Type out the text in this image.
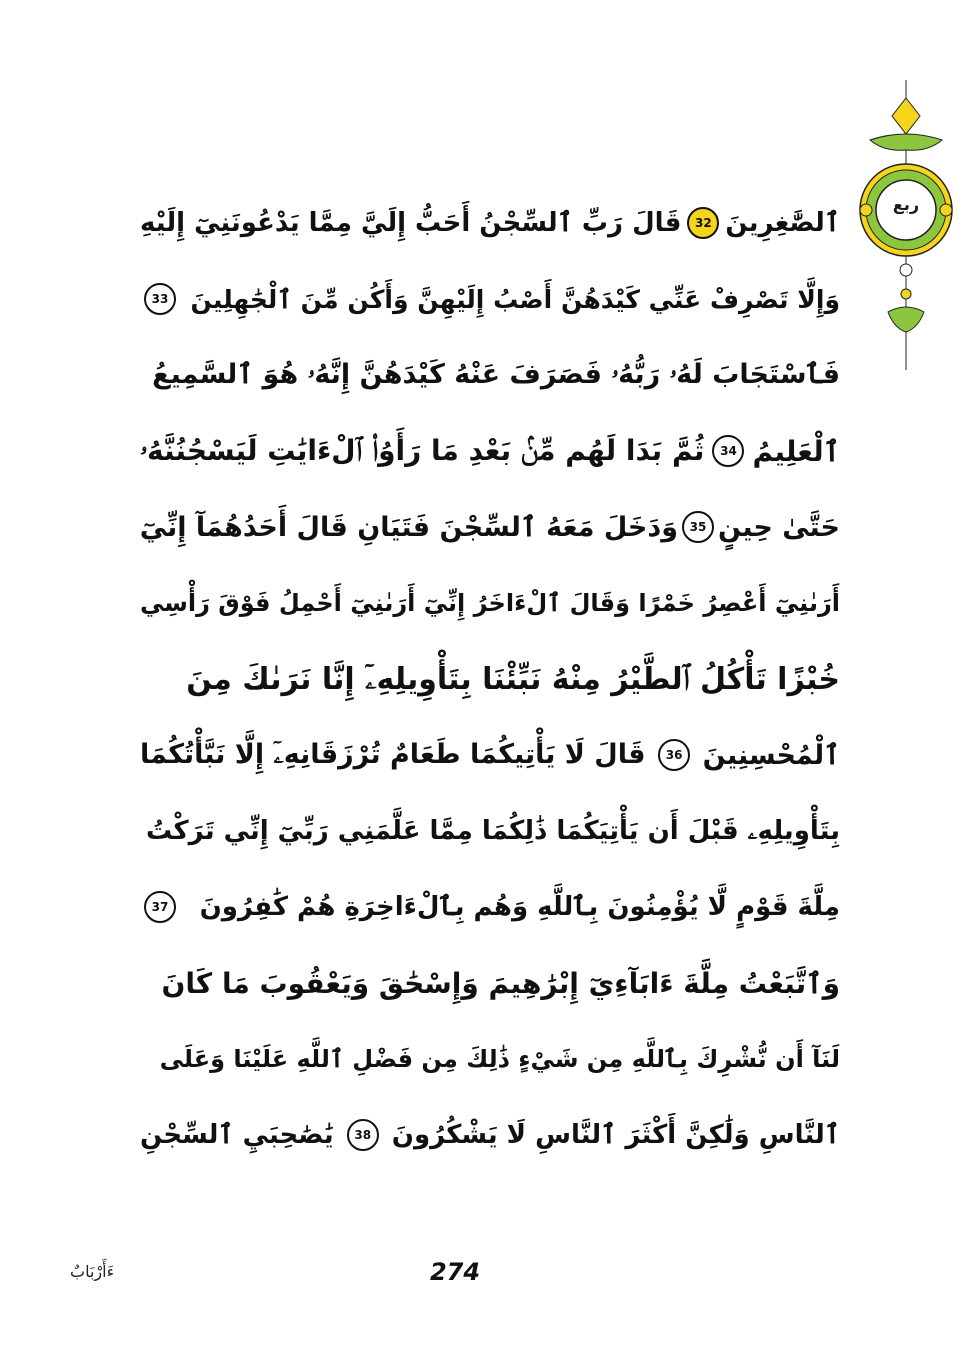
ربع
ٱلصَّٰغِرِينَ
32
قَالَ رَبِّ ٱلسِّجْنُ أَحَبُّ إِلَيَّ مِمَّا يَدْعُونَنِيٓ إِلَيْهِ
وَإِلَّا تَصْرِفْ عَنِّي كَيْدَهُنَّ أَصْبُ إِلَيْهِنَّ وَأَكُن مِّنَ ٱلْجَٰهِلِينَ
33
فَٱسْتَجَابَ لَهُۥ رَبُّهُۥ فَصَرَفَ عَنْهُ كَيْدَهُنَّ إِنَّهُۥ هُوَ ٱلسَّمِيعُ
ٱلْعَلِيمُ
34
ثُمَّ بَدَا لَهُم مِّنۢ بَعْدِ مَا رَأَوُا۟ ٱلْءَايَٰتِ لَيَسْجُنُنَّهُۥ
حَتَّىٰ حِينٍ
35
وَدَخَلَ مَعَهُ ٱلسِّجْنَ فَتَيَانِ قَالَ أَحَدُهُمَآ إِنِّيٓ
أَرَىٰنِيٓ أَعْصِرُ خَمْرًا وَقَالَ ٱلْءَاخَرُ إِنِّيٓ أَرَىٰنِيٓ أَحْمِلُ فَوْقَ رَأْسِي
خُبْزًا تَأْكُلُ ٱلطَّيْرُ مِنْهُ نَبِّئْنَا بِتَأْوِيلِهِۦٓ إِنَّا نَرَىٰكَ مِنَ
ٱلْمُحْسِنِينَ
36
قَالَ لَا يَأْتِيكُمَا طَعَامٌ تُرْزَقَانِهِۦٓ إِلَّا نَبَّأْتُكُمَا
بِتَأْوِيلِهِۦ قَبْلَ أَن يَأْتِيَكُمَا ذَٰلِكُمَا مِمَّا عَلَّمَنِي رَبِّيٓ إِنِّي تَرَكْتُ
مِلَّةَ قَوْمٍ لَّا يُؤْمِنُونَ بِٱللَّهِ وَهُم بِٱلْءَاخِرَةِ هُمْ كَٰفِرُونَ
37
وَٱتَّبَعْتُ مِلَّةَ ءَابَآءِيٓ إِبْرَٰهِيمَ وَإِسْحَٰقَ وَيَعْقُوبَ مَا كَانَ
لَنَآ أَن نُّشْرِكَ بِٱللَّهِ مِن شَيْءٍ ذَٰلِكَ مِن فَضْلِ ٱللَّهِ عَلَيْنَا وَعَلَى
ٱلنَّاسِ وَلَٰكِنَّ أَكْثَرَ ٱلنَّاسِ لَا يَشْكُرُونَ
38
يَٰصَٰحِبَيِ ٱلسِّجْنِ
ءَأَرْبَابٌ	274
